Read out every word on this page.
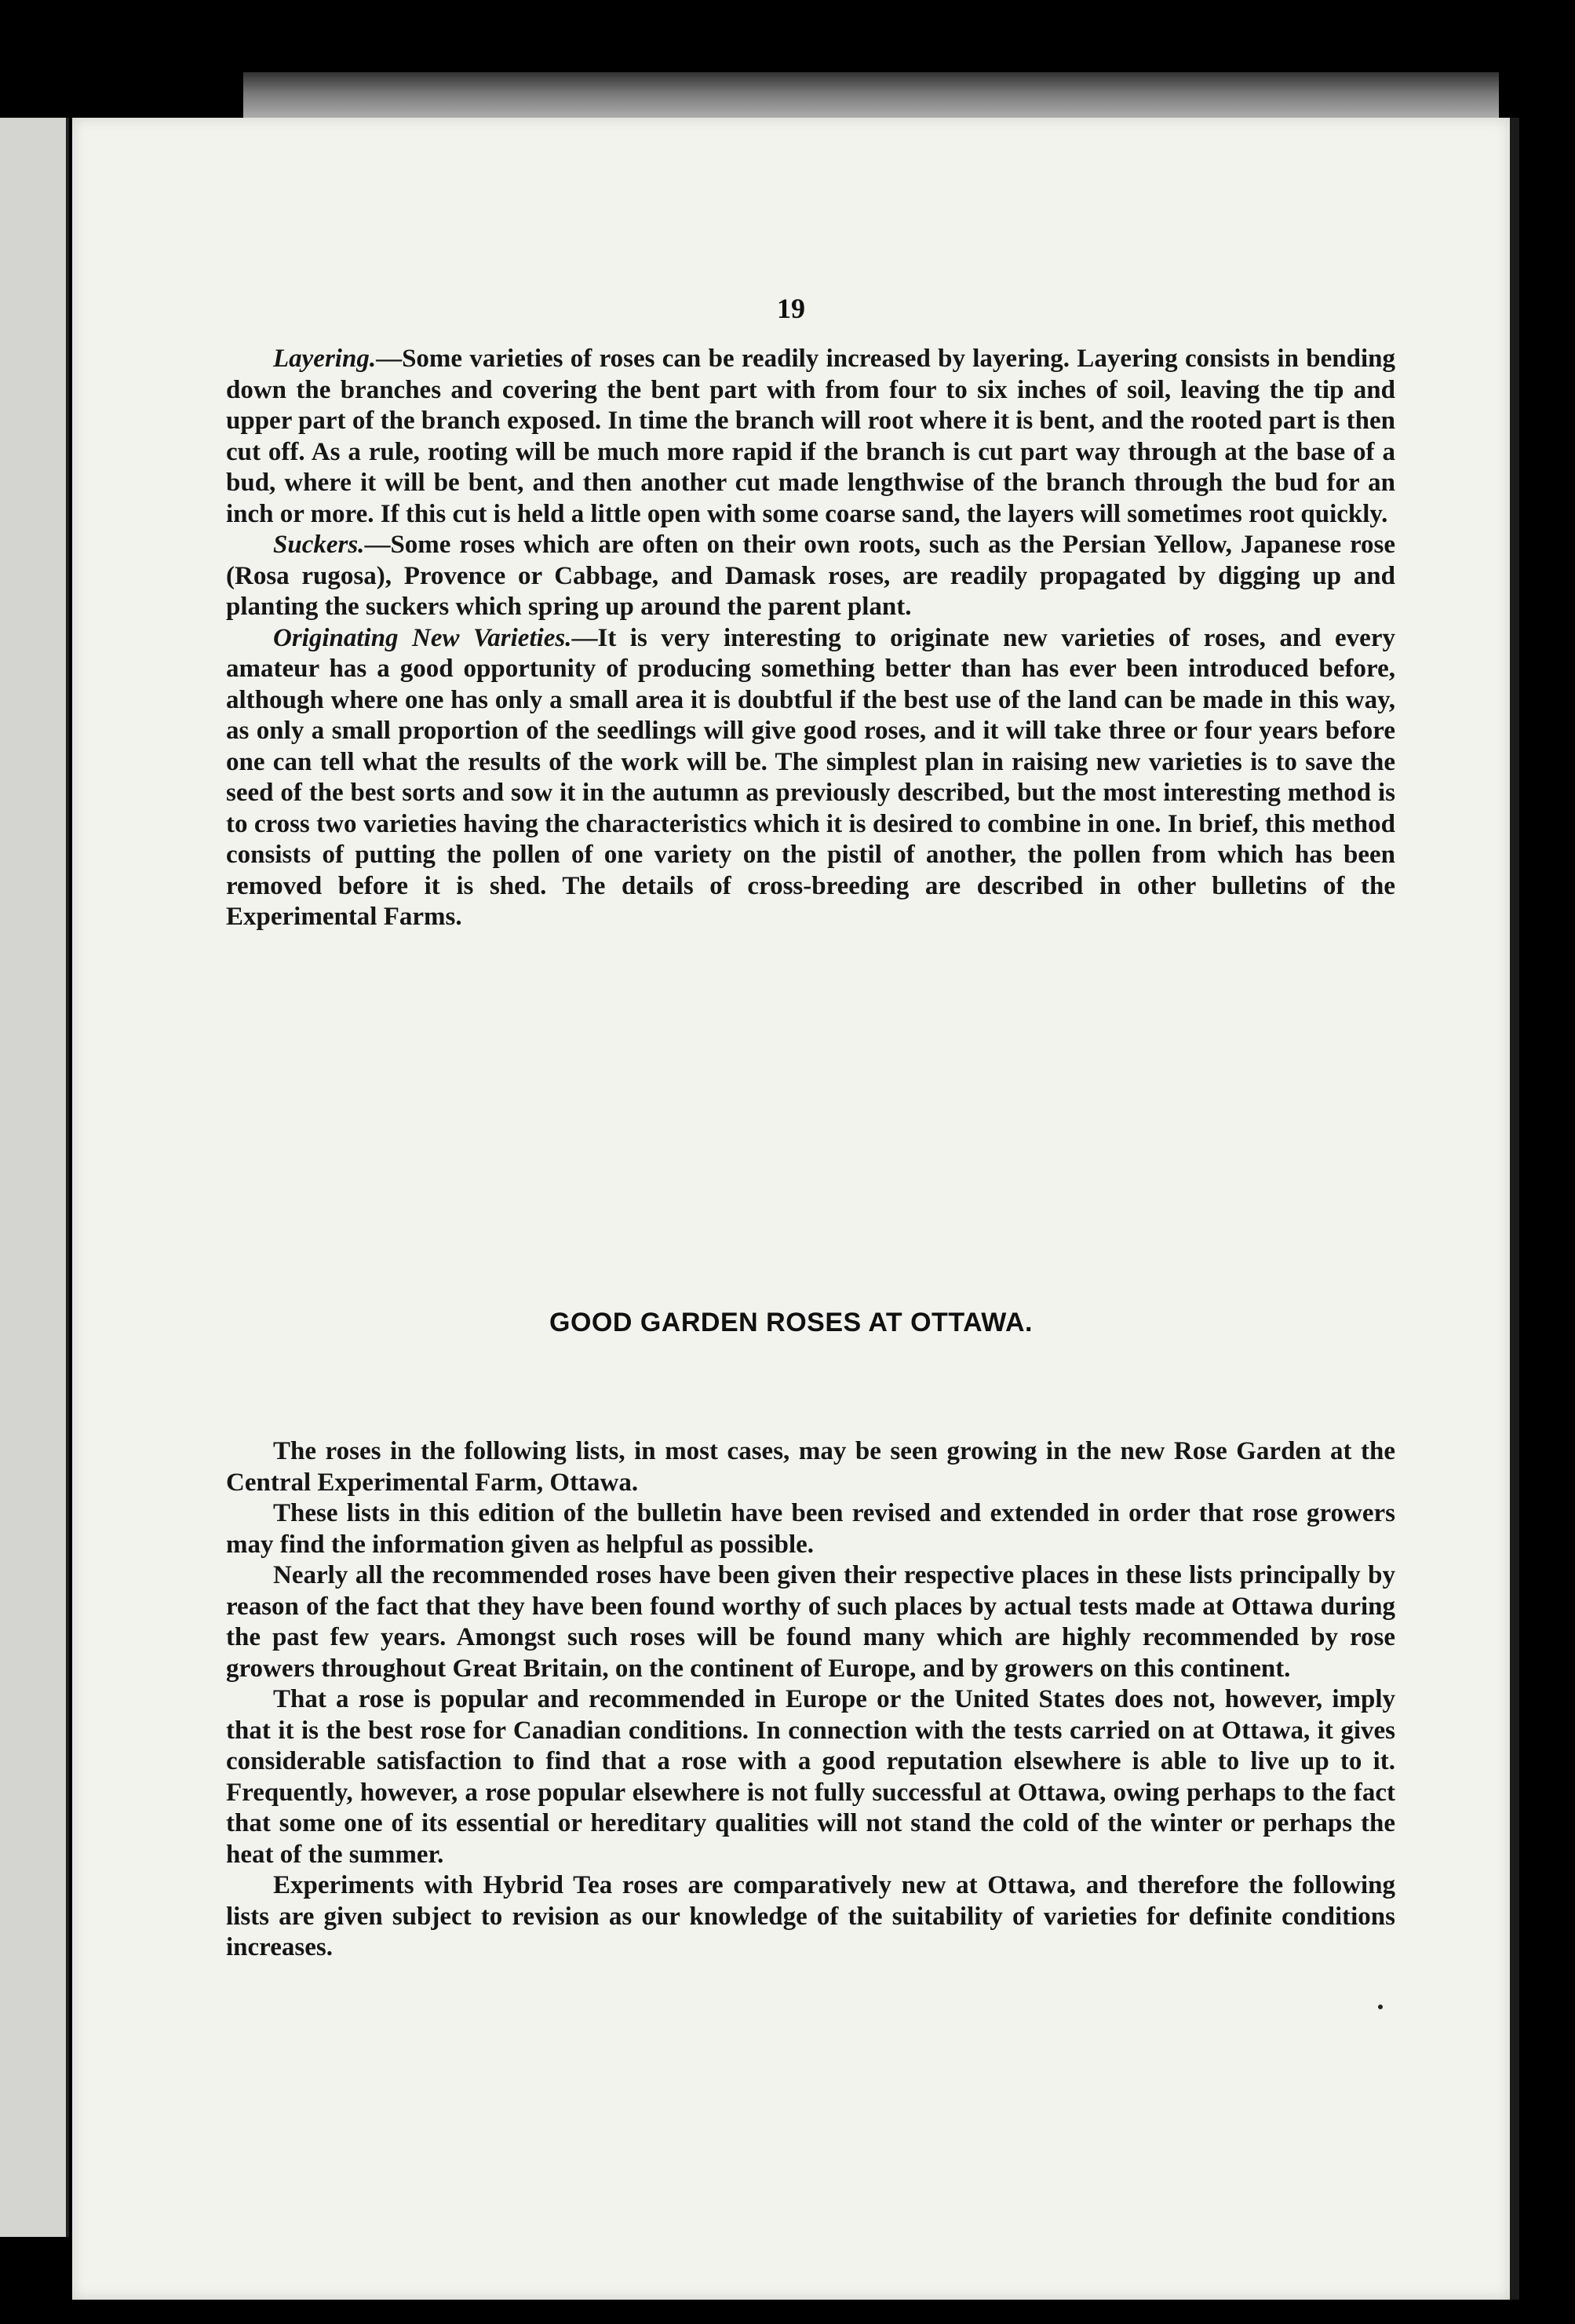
19

Layering.—Some varieties of roses can be readily increased by layering. Layering consists in bending down the branches and covering the bent part with from four to six inches of soil, leaving the tip and upper part of the branch exposed. In time the branch will root where it is bent, and the rooted part is then cut off. As a rule, rooting will be much more rapid if the branch is cut part way through at the base of a bud, where it will be bent, and then another cut made lengthwise of the branch through the bud for an inch or more. If this cut is held a little open with some coarse sand, the layers will sometimes root quickly.

Suckers.—Some roses which are often on their own roots, such as the Persian Yellow, Japanese rose (Rosa rugosa), Provence or Cabbage, and Damask roses, are readily propagated by digging up and planting the suckers which spring up around the parent plant.

Originating New Varieties.—It is very interesting to originate new varieties of roses, and every amateur has a good opportunity of producing something better than has ever been introduced before, although where one has only a small area it is doubtful if the best use of the land can be made in this way, as only a small proportion of the seedlings will give good roses, and it will take three or four years before one can tell what the results of the work will be. The simplest plan in raising new varieties is to save the seed of the best sorts and sow it in the autumn as previously described, but the most interesting method is to cross two varieties having the characteristics which it is desired to combine in one. In brief, this method consists of putting the pollen of one variety on the pistil of another, the pollen from which has been removed before it is shed. The details of cross-breeding are described in other bulletins of the Experimental Farms.

GOOD GARDEN ROSES AT OTTAWA.

The roses in the following lists, in most cases, may be seen growing in the new Rose Garden at the Central Experimental Farm, Ottawa.

These lists in this edition of the bulletin have been revised and extended in order that rose growers may find the information given as helpful as possible.

Nearly all the recommended roses have been given their respective places in these lists principally by reason of the fact that they have been found worthy of such places by actual tests made at Ottawa during the past few years. Amongst such roses will be found many which are highly recommended by rose growers throughout Great Britain, on the continent of Europe, and by growers on this continent.

That a rose is popular and recommended in Europe or the United States does not, however, imply that it is the best rose for Canadian conditions. In connection with the tests carried on at Ottawa, it gives considerable satisfaction to find that a rose with a good reputation elsewhere is able to live up to it. Frequently, however, a rose popular elsewhere is not fully successful at Ottawa, owing perhaps to the fact that some one of its essential or hereditary qualities will not stand the cold of the winter or perhaps the heat of the summer.

Experiments with Hybrid Tea roses are comparatively new at Ottawa, and therefore the following lists are given subject to revision as our knowledge of the suitability of varieties for definite conditions increases.
